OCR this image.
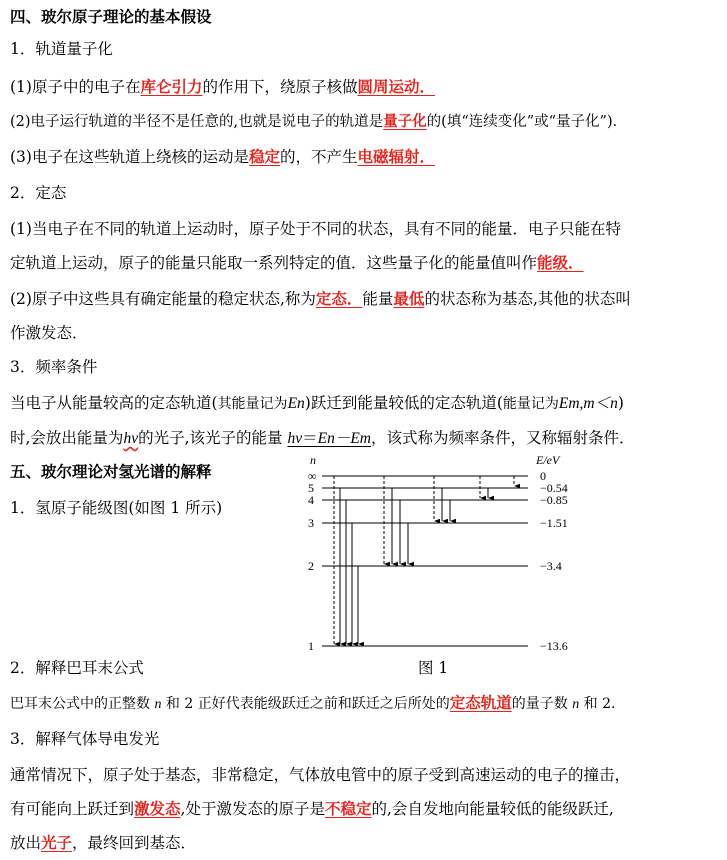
四、玻尔原子理论的基本假设
1．轨道量子化
(1)原子中的电子在库仑引力的作用下，绕原子核做圆周运动．
(2)电子运行轨道的半径不是任意的,也就是说电子的轨道是量子化的(填“连续变化”或“量子化”)．
(3)电子在这些轨道上绕核的运动是稳定的，不产生电磁辐射．
2．定态
(1)当电子在不同的轨道上运动时，原子处于不同的状态，具有不同的能量．电子只能在特
定轨道上运动，原子的能量只能取一系列特定的值．这些量子化的能量值叫作能级．
(2)原子中这些具有确定能量的稳定状态,称为定态．能量最低的状态称为基态,其他的状态叫
作激发态．
3．频率条件
当电子从能量较高的定态轨道(其能量记为En)跃迁到能量较低的定态轨道(能量记为Em,m＜n)
时,会放出能量为hν的光子,该光子的能量 hν＝En－Em，该式称为频率条件，又称辐射条件．
五、玻尔理论对氢光谱的解释
1．氢原子能级图(如图 1 所示)
n	E/eV
∞	0
5	−0.54
4	−0.85
3	−1.51
2	−3.4
1	−13.6
2．解释巴耳末公式	图 1
巴耳末公式中的正整数 n 和 2 正好代表能级跃迁之前和跃迁之后所处的定态轨道的量子数 n 和 2.
3．解释气体导电发光
通常情况下，原子处于基态，非常稳定，气体放电管中的原子受到高速运动的电子的撞击，
有可能向上跃迁到激发态,处于激发态的原子是不稳定的,会自发地向能量较低的能级跃迁,
放出光子，最终回到基态．
